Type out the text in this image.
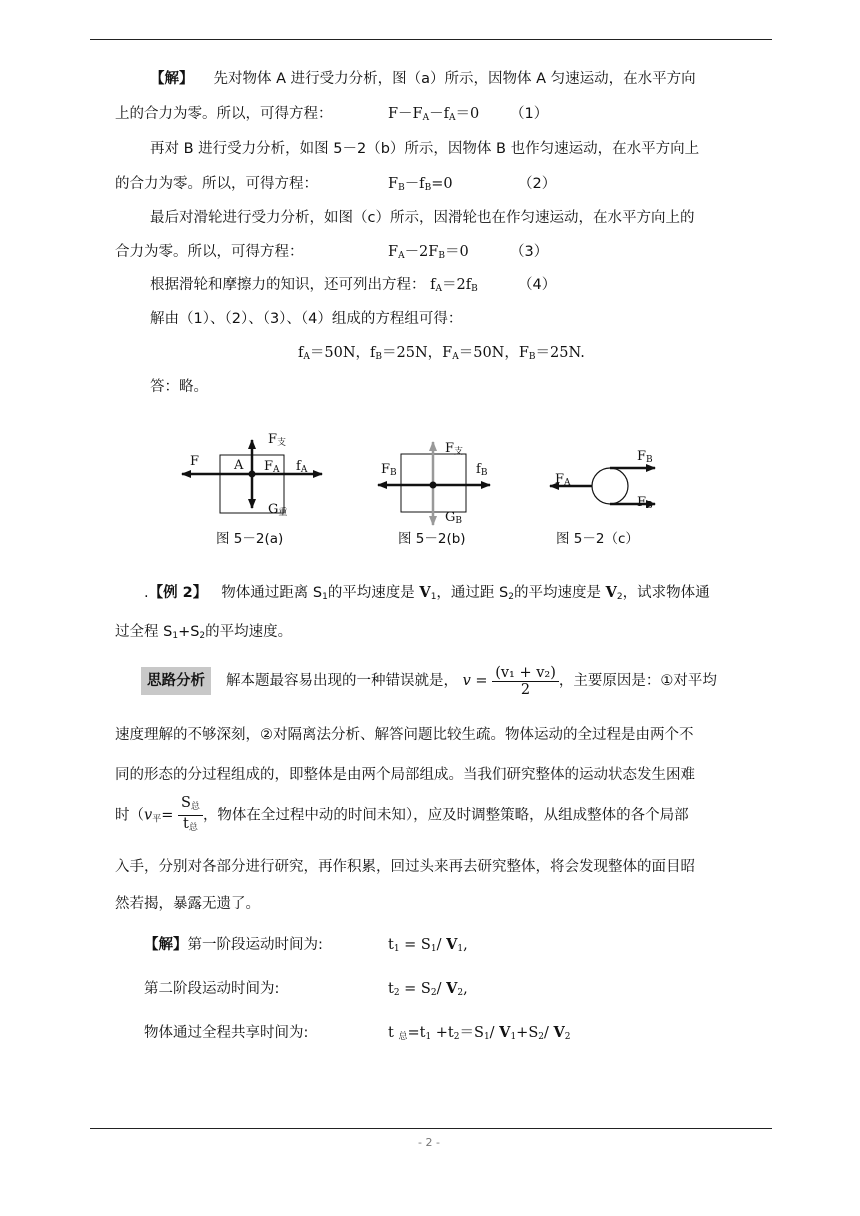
【解】 先对物体 A 进行受力分析，图（a）所示，因物体 A 匀速运动，在水平方向
上的合力为零。所以，可得方程：	$F-F_A-f_A=0$ （1）
再对 B 进行受力分析，如图 5－2（b）所示，因物体 B 也作匀速运动，在水平方向上
的合力为零。所以，可得方程：	$F_B-f_B=0$	（2）
最后对滑轮进行受力分析，如图（c）所示，因滑轮也在作匀速运动，在水平方向上的
合力为零。所以，可得方程：	$F_A-2F_B=0$	（3）
根据滑轮和摩擦力的知识，还可列出方程： $f_A=2f_B$	（4）
解由（1）、（2）、（3）、（4）组成的方程组可得：
$f_A=50N$，$f_B=25N$，$F_A=50N$，$F_B=25N$.
答：略。
$F_支$
F	A $F_A$ $f_A$
$G_重$
图 5－2(a)
$F_支$
$F_B$	$f_B$
$G_B$
图 5－2(b)
$F_B$
$F_A$
$F_B$
图 5－2（c）
.【例 2】 物体通过距离 $S_1$的平均速度是 $V_1$，通过距 $S_2$的平均速度是 $V_2$，试求物体通
过全程 $S_1+S_2$的平均速度。
思路分析	解本题最容易出现的一种错误就是， $v = \frac{\text{(v₁ + v₂)}}{2}$ ，主要原因是：①对平均
速度理解的不够深刻，②对隔离法分析、解答问题比较生疏。物体运动的全过程是由两个不
同的形态的分过程组成的，即整体是由两个局部组成。当我们研究整体的运动状态发生困难
时（$v_平= \frac{S_总}{t_总}$ ，物体在全过程中动的时间未知），应及时调整策略，从组成整体的各个局部
入手，分别对各部分进行研究，再作积累，回过头来再去研究整体，将会发现整体的面目昭
然若揭，暴露无遗了。
【解】第一阶段运动时间为:	$t_1 = S_1/$ $V_1$,
第二阶段运动时间为:	$t_2 = S_2/$ $V_2$,
物体通过全程共享时间为:	t $_总=t_1 +t_2=S_1/$ $V_1+S_2/$ $V_2$
- 2 -
